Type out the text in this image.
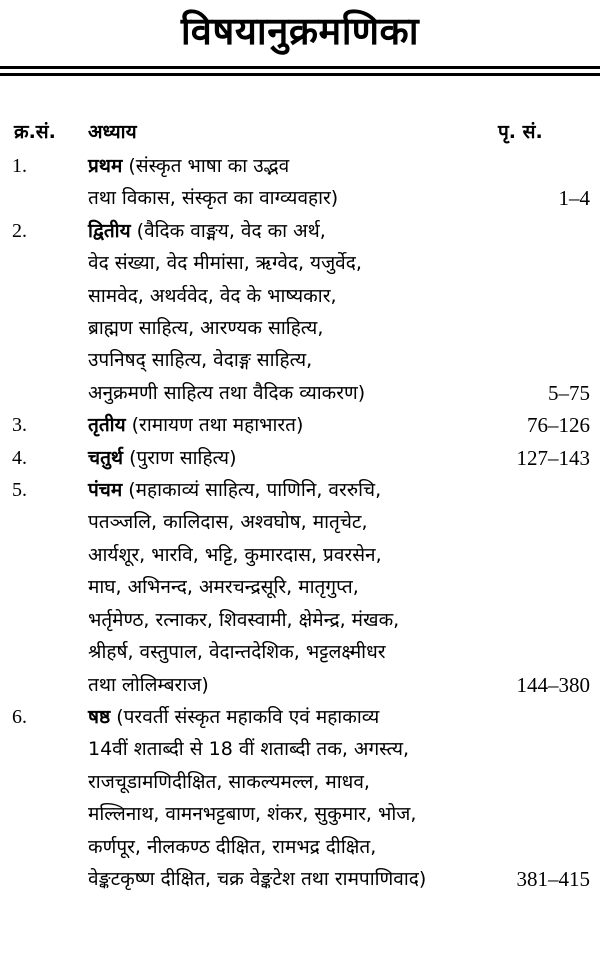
विषयानुक्रमणिका
क्र.सं. अध्याय	पृ. सं.
1.	प्रथम (संस्कृत भाषा का उद्भव
तथा विकास, संस्कृत का वाग्व्यवहार)	1–4
2.	द्वितीय (वैदिक वाङ्मय, वेद का अर्थ,
वेद संख्या, वेद मीमांसा, ऋग्वेद, यजुर्वेद,
सामवेद, अथर्ववेद, वेद के भाष्यकार,
ब्राह्मण साहित्य, आरण्यक साहित्य,
उपनिषद् साहित्य, वेदाङ्ग साहित्य,
अनुक्रमणी साहित्य तथा वैदिक व्याकरण)	5–75
3.	तृतीय (रामायण तथा महाभारत)	76–126
4.	चतुर्थ (पुराण साहित्य)	127–143
5.	पंचम (महाकाव्यं साहित्य, पाणिनि, वररुचि,
पतञ्जलि, कालिदास, अश्वघोष, मातृचेट,
आर्यशूर, भारवि, भट्टि, कुमारदास, प्रवरसेन,
माघ, अभिनन्द, अमरचन्द्रसूरि, मातृगुप्त,
भर्तृमेण्ठ, रत्नाकर, शिवस्वामी, क्षेमेन्द्र, मंखक,
श्रीहर्ष, वस्तुपाल, वेदान्तदेशिक, भट्टलक्ष्मीधर
तथा लोलिम्बराज)	144–380
6.	षष्ठ (परवर्ती संस्कृत महाकवि एवं महाकाव्य
14वीं शताब्दी से 18 वीं शताब्दी तक, अगस्त्य,
राजचूडामणिदीक्षित, साकल्यमल्ल, माधव,
मल्लिनाथ, वामनभट्टबाण, शंकर, सुकुमार, भोज,
कर्णपूर, नीलकण्ठ दीक्षित, रामभद्र दीक्षित,
वेङ्कटकृष्ण दीक्षित, चक्र वेङ्कटेश तथा रामपाणिवाद)	381–415
